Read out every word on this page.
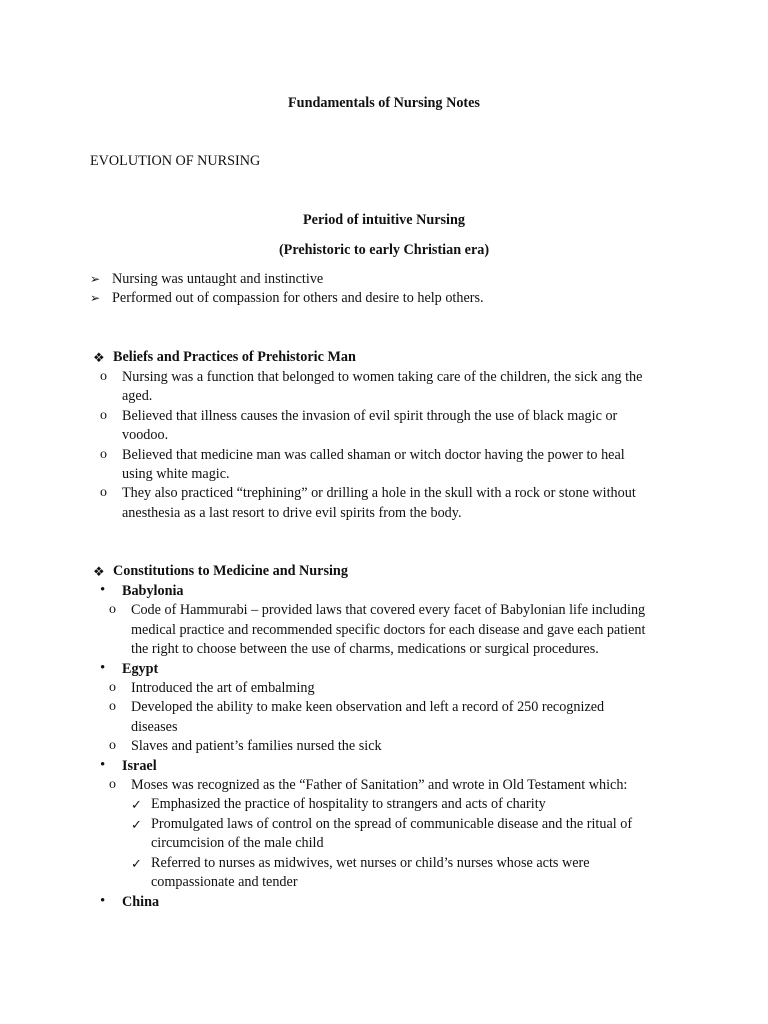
Fundamentals of Nursing Notes
EVOLUTION OF NURSING
Period of intuitive Nursing
(Prehistoric to early Christian era)
➢ Nursing was untaught and instinctive
➢ Performed out of compassion for others and desire to help others.
❖ Beliefs and Practices of Prehistoric Man
o Nursing was a function that belonged to women taking care of the children, the sick ang the
aged.
o Believed that illness causes the invasion of evil spirit through the use of black magic or
voodoo.
o Believed that medicine man was called shaman or witch doctor having the power to heal
using white magic.
o They also practiced “trephining” or drilling a hole in the skull with a rock or stone without
anesthesia as a last resort to drive evil spirits from the body.
❖ Constitutions to Medicine and Nursing
• Babylonia
o Code of Hammurabi – provided laws that covered every facet of Babylonian life including
medical practice and recommended specific doctors for each disease and gave each patient
the right to choose between the use of charms, medications or surgical procedures.
• Egypt
o Introduced the art of embalming
o Developed the ability to make keen observation and left a record of 250 recognized
diseases
o Slaves and patient’s families nursed the sick
• Israel
o Moses was recognized as the “Father of Sanitation” and wrote in Old Testament which:
✓ Emphasized the practice of hospitality to strangers and acts of charity
✓ Promulgated laws of control on the spread of communicable disease and the ritual of
circumcision of the male child
✓ Referred to nurses as midwives, wet nurses or child’s nurses whose acts were
compassionate and tender
• China
